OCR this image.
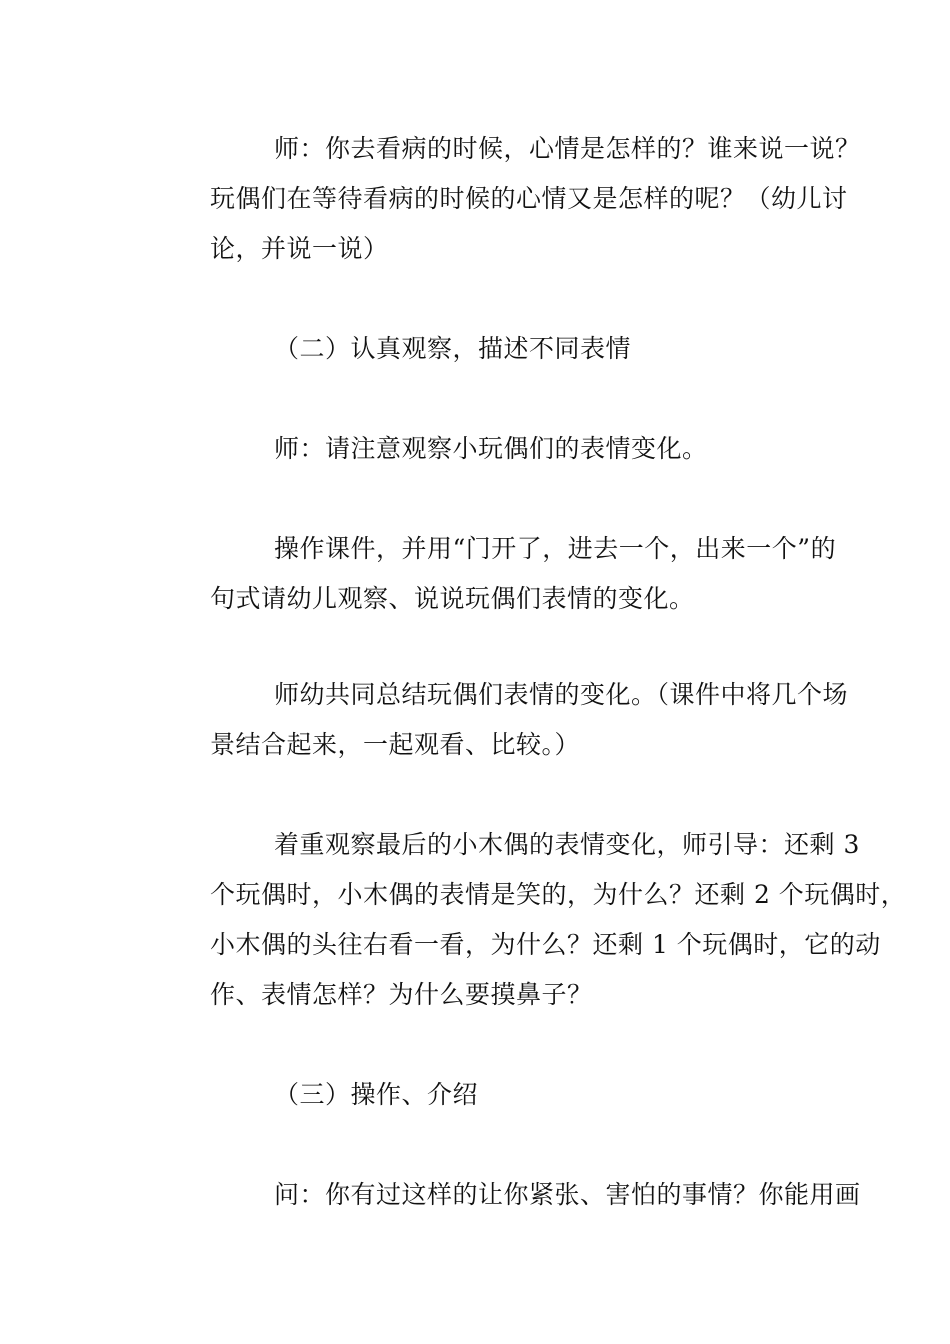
师：你去看病的时候，心情是怎样的？谁来说一说？
玩偶们在等待看病的时候的心情又是怎样的呢？（幼儿讨
论，并说一说）
（二）认真观察，描述不同表情
师：请注意观察小玩偶们的表情变化。
操作课件，并用“门开了，进去一个，出来一个”的
句式请幼儿观察、说说玩偶们表情的变化。
师幼共同总结玩偶们表情的变化。（课件中将几个场
景结合起来，一起观看、比较。）
着重观察最后的小木偶的表情变化，师引导：还剩 3
个玩偶时，小木偶的表情是笑的，为什么？还剩 2 个玩偶时，
小木偶的头往右看一看，为什么？还剩 1 个玩偶时，它的动
作、表情怎样？为什么要摸鼻子？
（三）操作、介绍
问：你有过这样的让你紧张、害怕的事情？你能用画
